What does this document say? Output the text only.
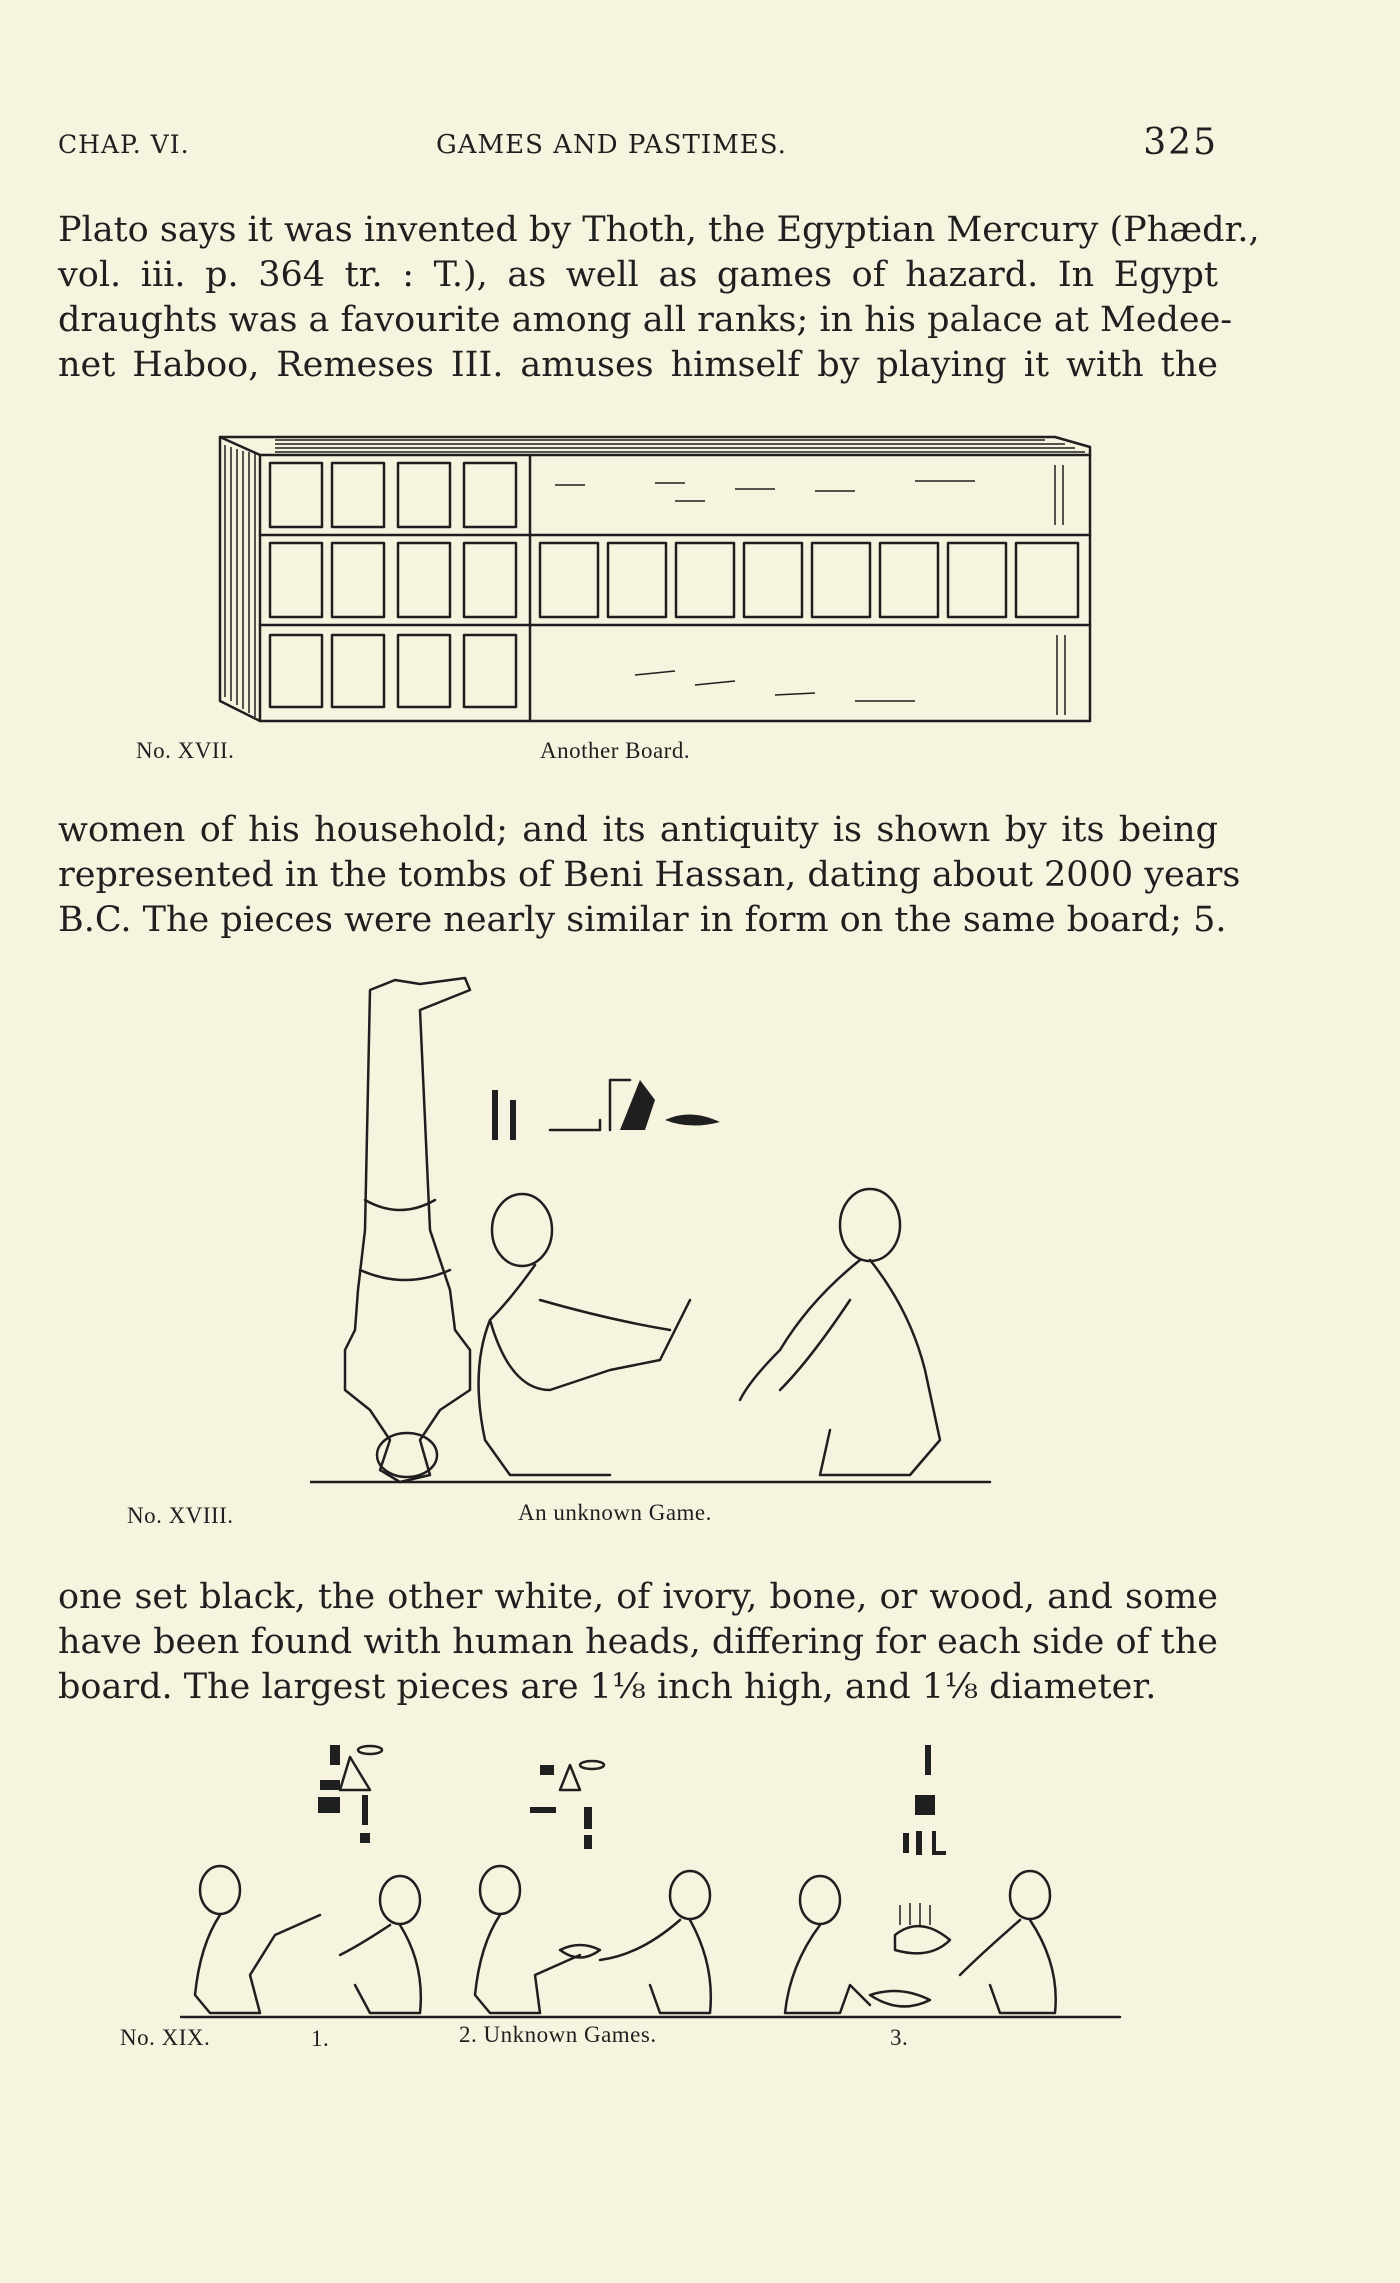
CHAP. VI.	GAMES AND PASTIMES.	325
Plato says it was invented by Thoth, the Egyptian Mercury (Phædr.,
vol. iii. p. 364 tr. : T.), as well as games of hazard. In Egypt
draughts was a favourite among all ranks; in his palace at Medee-
net Haboo, Remeses III. amuses himself by playing it with the
No. XVII.	Another Board.
women of his household; and its antiquity is shown by its being
represented in the tombs of Beni Hassan, dating about 2000 years
B.C. The pieces were nearly similar in form on the same board; 5.
No. XVIII.	An unknown Game.
one set black, the other white, of ivory, bone, or wood, and some
have been found with human heads, differing for each side of the
board. The largest pieces are 1⅛ inch high, and 1⅛ diameter.
No. XIX.	1.	2. Unknown Games.	3.
